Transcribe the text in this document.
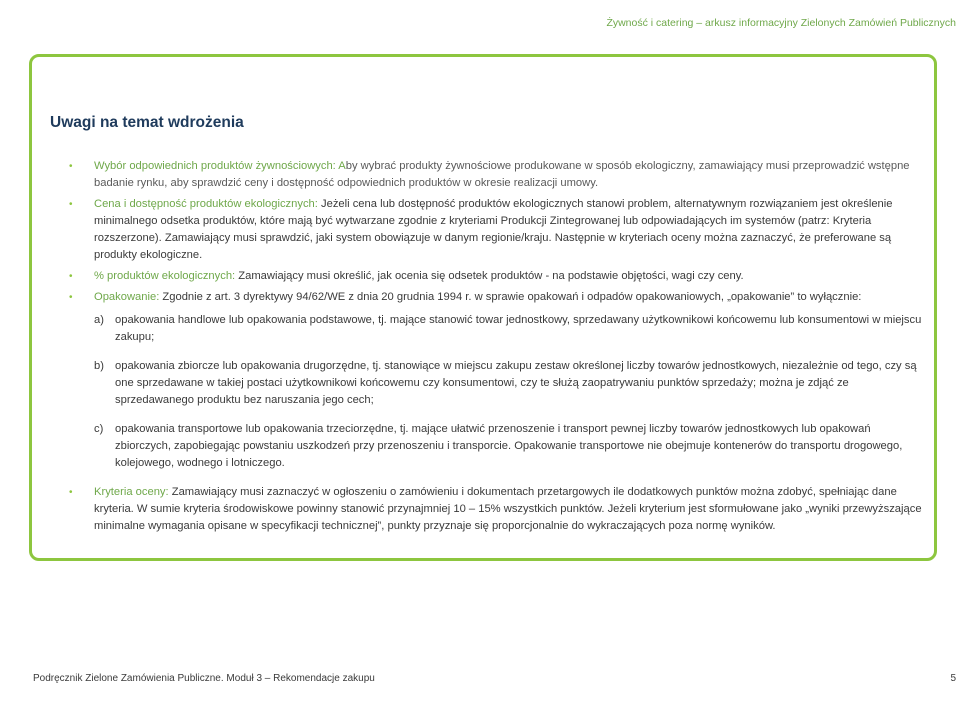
Żywność i catering – arkusz informacyjny Zielonych Zamówień Publicznych
Uwagi na temat wdrożenia
• Wybór odpowiednich produktów żywnościowych: Aby wybrać produkty żywnościowe produkowane w sposób ekologiczny, zamawiający musi przeprowadzić wstępne badanie rynku, aby sprawdzić ceny i dostępność odpowiednich produktów w okresie realizacji umowy.
• Cena i dostępność produktów ekologicznych: Jeżeli cena lub dostępność produktów ekologicznych stanowi problem, alternatywnym rozwiązaniem jest określenie minimalnego odsetka produktów, które mają być wytwarzane zgodnie z kryteriami Produkcji Zintegrowanej lub odpowiadających im systemów (patrz: Kryteria rozszerzone). Zamawiający musi sprawdzić, jaki system obowiązuje w danym regionie/kraju. Następnie w kryteriach oceny można zaznaczyć, że preferowane są produkty ekologiczne.
• % produktów ekologicznych: Zamawiający musi określić, jak ocenia się odsetek produktów - na podstawie objętości, wagi czy ceny.
• Opakowanie: Zgodnie z art. 3 dyrektywy 94/62/WE z dnia 20 grudnia 1994 r. w sprawie opakowań i odpadów opakowaniowych, „opakowanie” to wyłącznie:
a) opakowania handlowe lub opakowania podstawowe, tj. mające stanowić towar jednostkowy, sprzedawany użytkownikowi końcowemu lub konsumentowi w miejscu zakupu;
b) opakowania zbiorcze lub opakowania drugorzędne, tj. stanowiące w miejscu zakupu zestaw określonej liczby towarów jednostkowych, niezależnie od tego, czy są one sprzedawane w takiej postaci użytkownikowi końcowemu czy konsumentowi, czy te służą zaopatrywaniu punktów sprzedaży; można je zdjąć ze sprzedawanego produktu bez naruszania jego cech;
c) opakowania transportowe lub opakowania trzeciorzędne, tj. mające ułatwić przenoszenie i transport pewnej liczby towarów jednostkowych lub opakowań zbiorczych, zapobiegając powstaniu uszkodzeń przy przenoszeniu i transporcie. Opakowanie transportowe nie obejmuje kontenerów do transportu drogowego, kolejowego, wodnego i lotniczego.
• Kryteria oceny: Zamawiający musi zaznaczyć w ogłoszeniu o zamówieniu i dokumentach przetargowych ile dodatkowych punktów można zdobyć, spełniając dane kryteria. W sumie kryteria środowiskowe powinny stanowić przynajmniej 10 – 15% wszystkich punktów. Jeżeli kryterium jest sformułowane jako „wyniki przewyższające minimalne wymagania opisane w specyfikacji technicznej”, punkty przyznaje się proporcjonalnie do wykraczających poza normę wyników.
Podręcznik Zielone Zamówienia Publiczne. Moduł 3 – Rekomendacje zakupu	5
